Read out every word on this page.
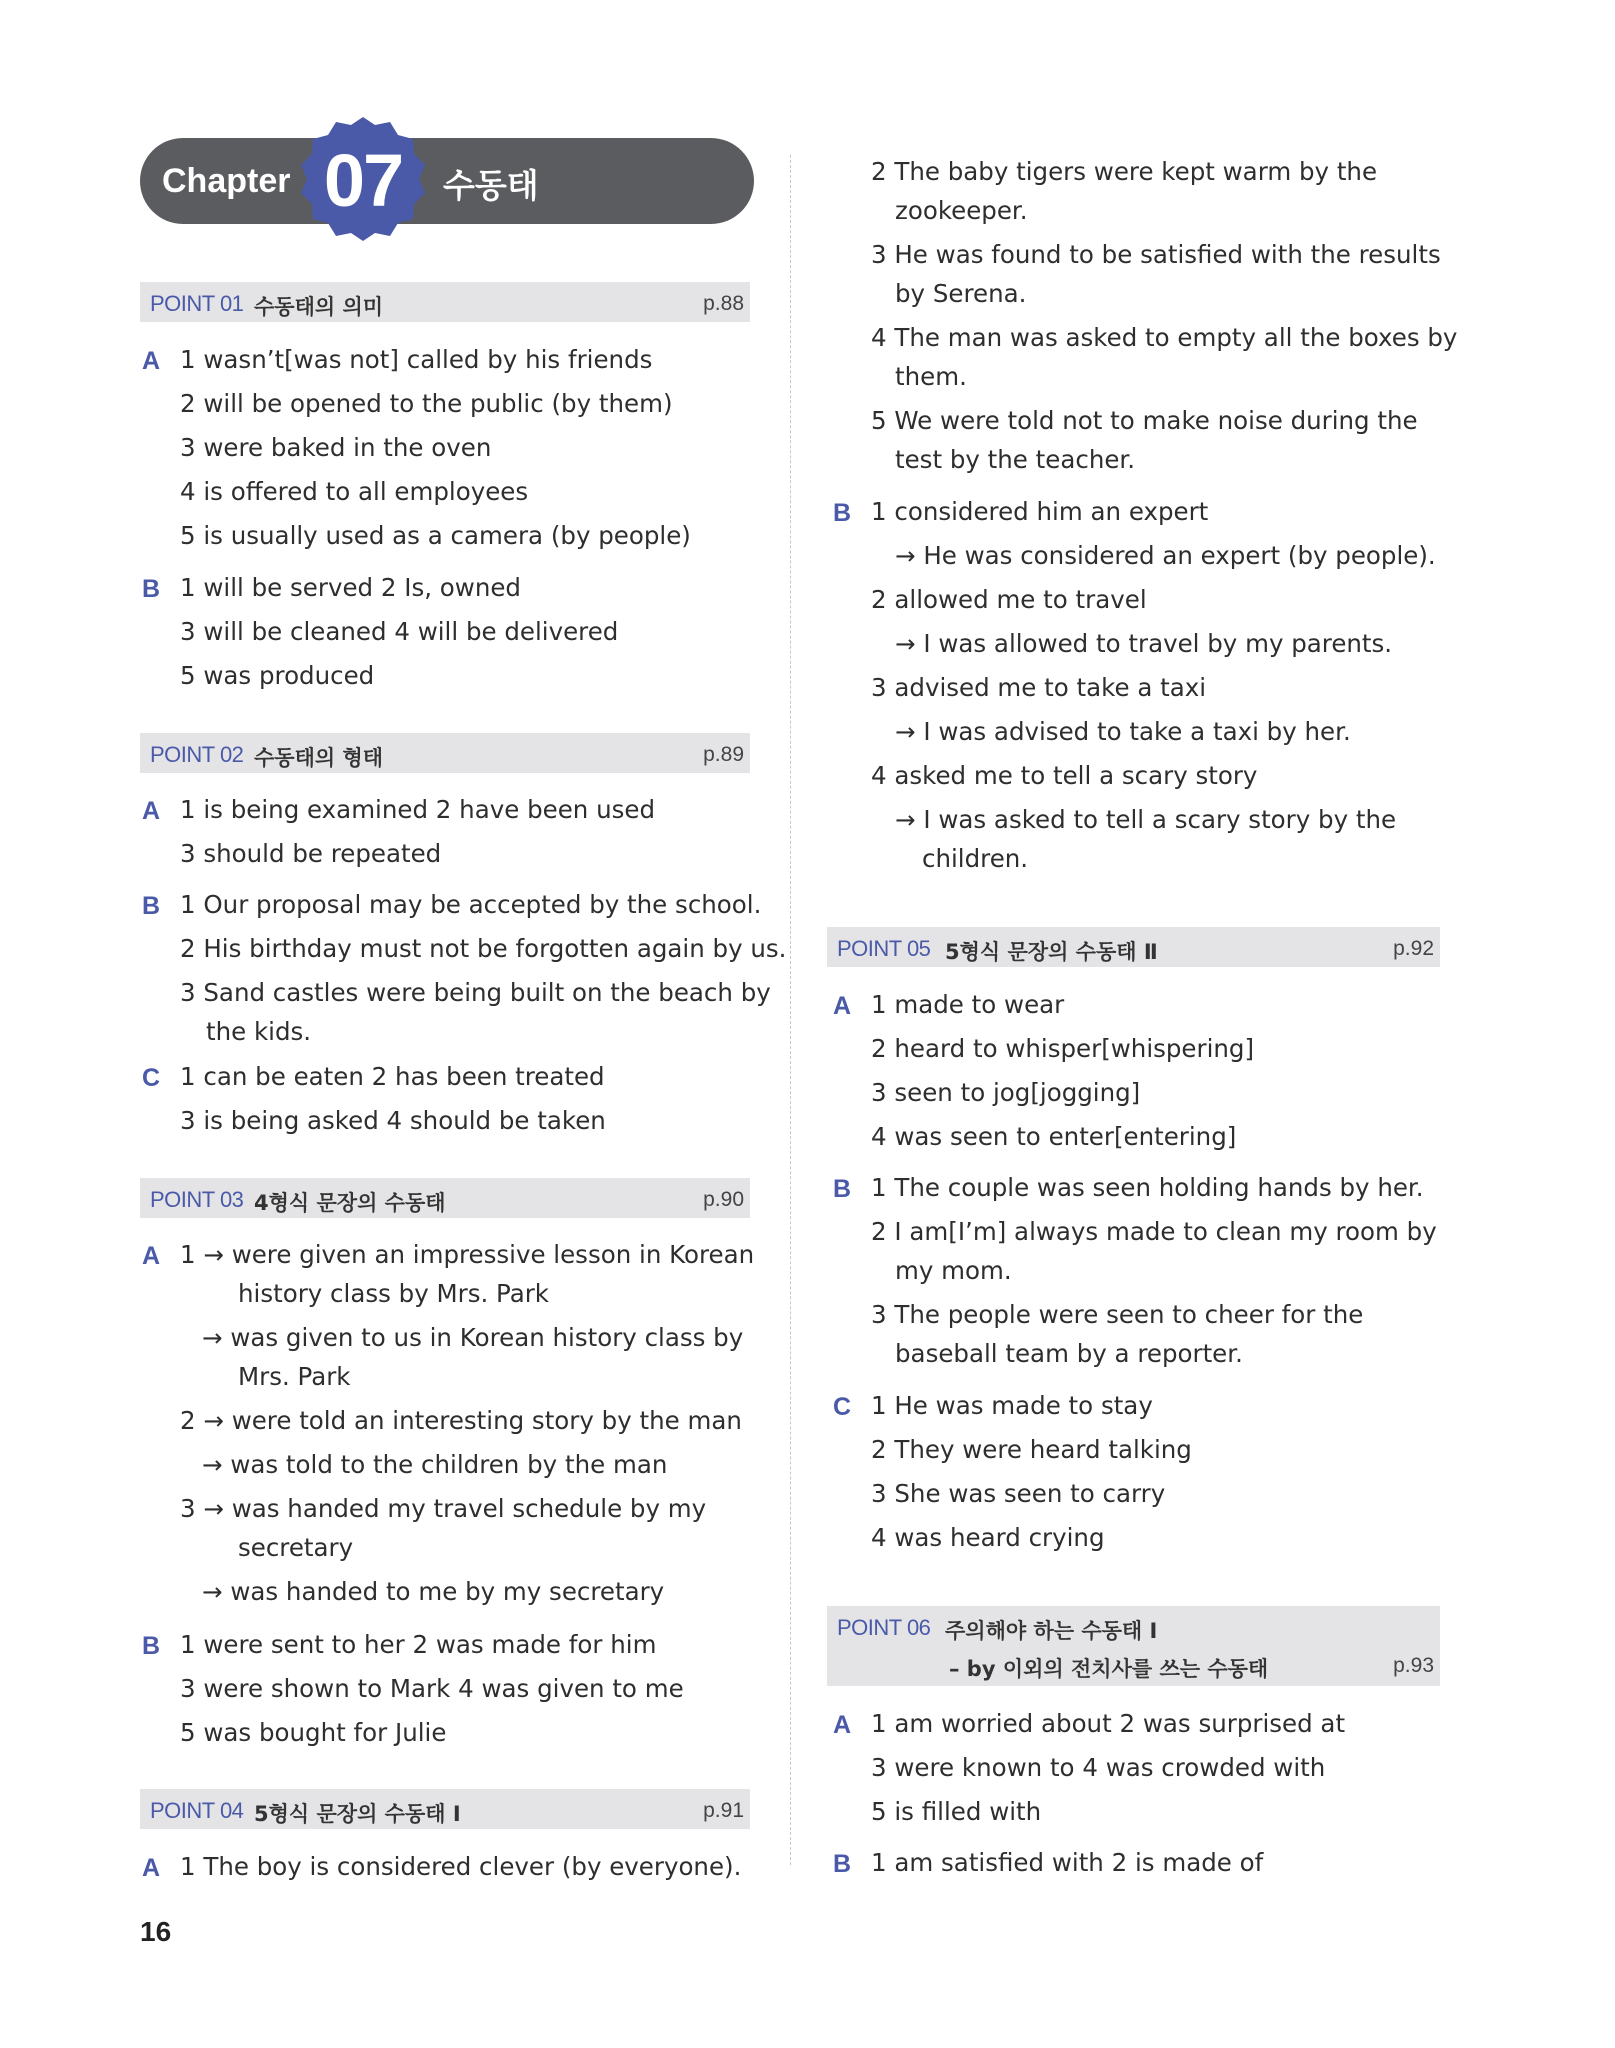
Chapter	수동태
07
POINT 01 수동태의 의미	p.88
A 1 wasn’t[was not] called by his friends
2 will be opened to the public (by them)
3 were baked in the oven
4 is offered to all employees
5 is usually used as a camera (by people)
B 1 will be served 2 Is, owned
3 will be cleaned 4 will be delivered
5 was produced
POINT 02 수동태의 형태	p.89
A 1 is being examined 2 have been used
3 should be repeated
B 1 Our proposal may be accepted by the school.
2 His birthday must not be forgotten again by us.
3 Sand castles were being built on the beach by
the kids.
C 1 can be eaten 2 has been treated
3 is being asked 4 should be taken
POINT 03 4형식 문장의 수동태	p.90
A 1 → were given an impressive lesson in Korean
history class by Mrs. Park
→ was given to us in Korean history class by
Mrs. Park
2 → were told an interesting story by the man
→ was told to the children by the man
3 → was handed my travel schedule by my
secretary
→ was handed to me by my secretary
B 1 were sent to her 2 was made for him
3 were shown to Mark 4 was given to me
5 was bought for Julie
POINT 04 5형식 문장의 수동태 Ⅰ	p.91
A 1 The boy is considered clever (by everyone).
2 The baby tigers were kept warm by the
zookeeper.
3 He was found to be satisfied with the results
by Serena.
4 The man was asked to empty all the boxes by
them.
5 We were told not to make noise during the
test by the teacher.
B 1 considered him an expert
→ He was considered an expert (by people).
2 allowed me to travel
→ I was allowed to travel by my parents.
3 advised me to take a taxi
→ I was advised to take a taxi by her.
4 asked me to tell a scary story
→ I was asked to tell a scary story by the
children.
POINT 05 5형식 문장의 수동태 Ⅱ	p.92
A 1 made to wear
2 heard to whisper[whispering]
3 seen to jog[jogging]
4 was seen to enter[entering]
B 1 The couple was seen holding hands by her.
2 I am[I’m] always made to clean my room by
my mom.
3 The people were seen to cheer for the
baseball team by a reporter.
C 1 He was made to stay
2 They were heard talking
3 She was seen to carry
4 was heard crying
POINT 06 주의해야 하는 수동태 Ⅰ
– by 이외의 전치사를 쓰는 수동태	p.93
A 1 am worried about 2 was surprised at
3 were known to 4 was crowded with
5 is filled with
B 1 am satisfied with 2 is made of
16
